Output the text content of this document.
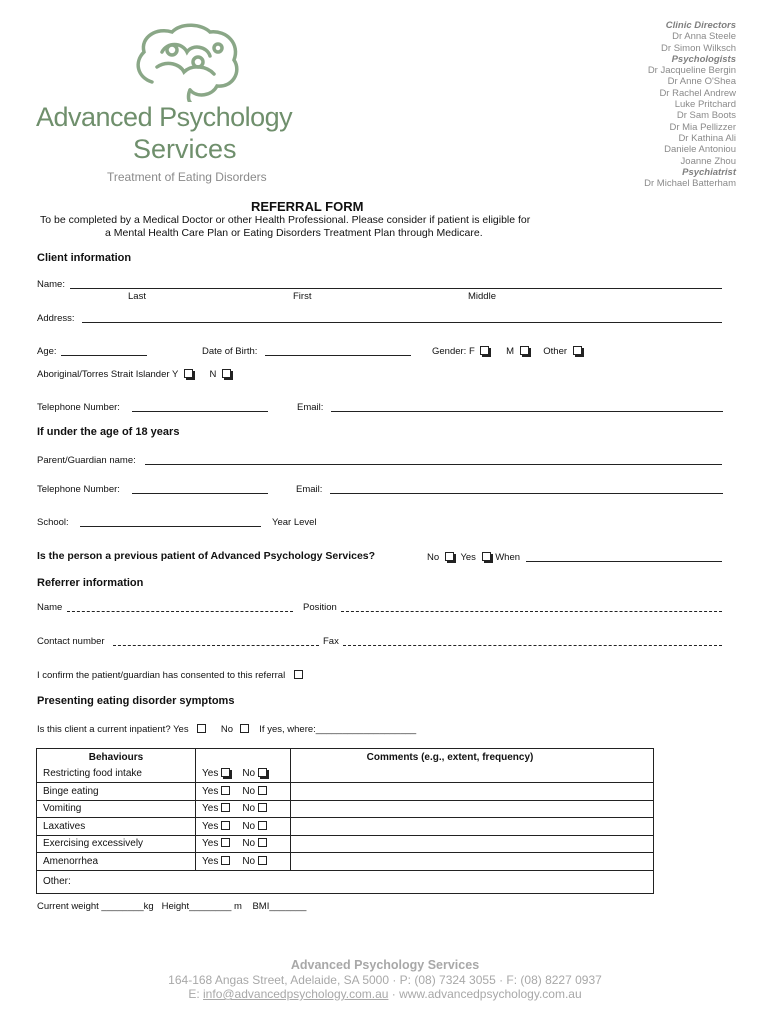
Advanced Psychology
Services
Treatment of Eating Disorders
Clinic Directors
Dr Anna Steele
Dr Simon Wilksch
Psychologists
Dr Jacqueline Bergin
Dr Anne O'Shea
Dr Rachel Andrew
Luke Pritchard
Dr Sam Boots
Dr Mia Pellizzer
Dr Kathina Ali
Daniele Antoniou
Joanne Zhou
Psychiatrist
Dr Michael Batterham
REFERRAL FORM
To be completed by a Medical Doctor or other Health Professional. Please consider if patient is eligible for
a Mental Health Care Plan or Eating Disorders Treatment Plan through Medicare.
Client information
Name:
Last	First	Middle
Address:
Age:	Date of Birth:	Gender: F	M	Other
Aboriginal/Torres Strait Islander Y	N
Telephone Number:	Email:
If under the age of 18 years
Parent/Guardian name:
Telephone Number:	Email:
School:	Year Level
Is the person a previous patient of Advanced Psychology Services?	No Yes When
Referrer information
Name	Position
Contact number	Fax
I confirm the patient/guardian has consented to this referral
Presenting eating disorder symptoms
Is this client a current inpatient? Yes	No	If yes, where:___________________
Behaviours		Comments (e.g., extent, frequency)
Restricting food intake	Yes No	
Binge eating	Yes No	
Vomiting	Yes No	
Laxatives	Yes No	
Exercising excessively	Yes No	
Amenorrhea	Yes No	
Other:		
Current weight ________kg   Height________ m    BMI_______
Advanced Psychology Services
164-168 Angas Street, Adelaide, SA 5000 · P: (08) 7324 3055 · F: (08) 8227 0937
E: info@advancedpsychology.com.au · www.advancedpsychology.com.au
